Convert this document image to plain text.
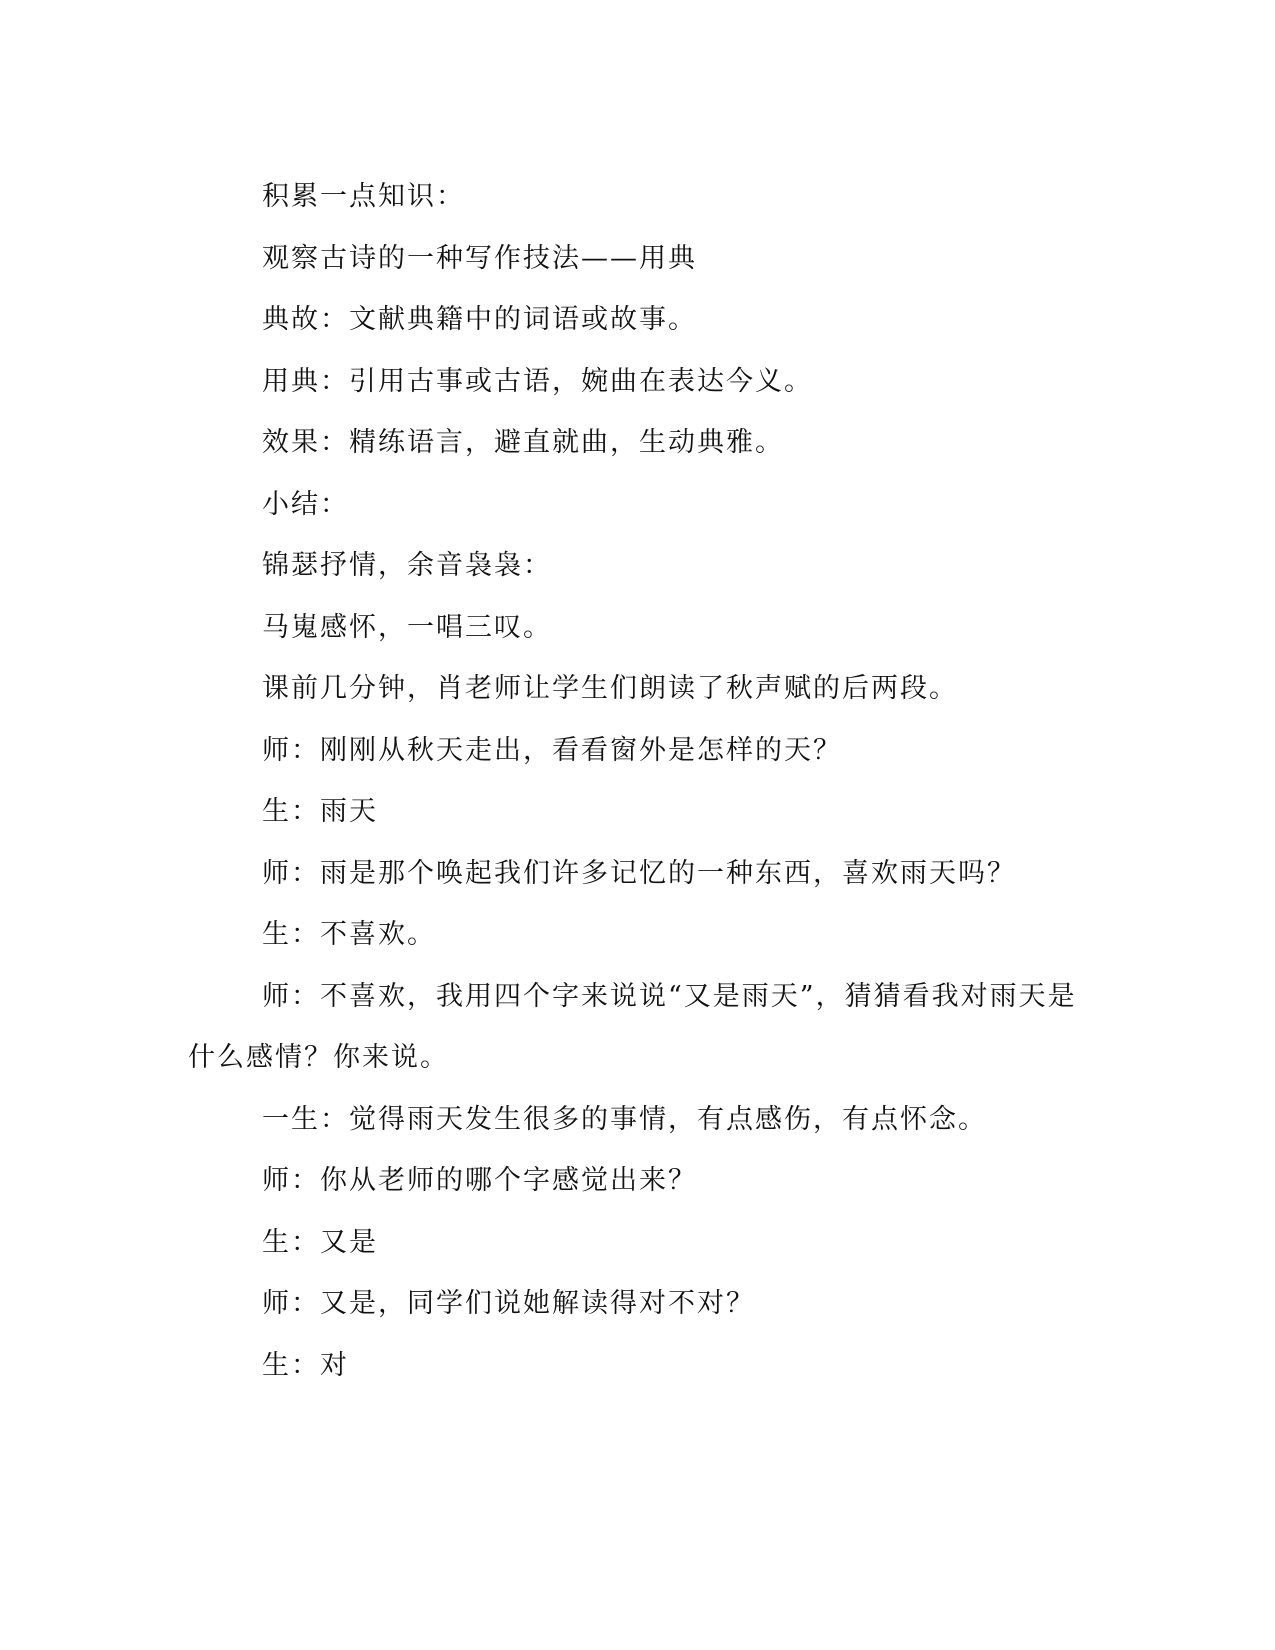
积累一点知识：

观察古诗的一种写作技法——用典

典故：文献典籍中的词语或故事。

用典：引用古事或古语，婉曲在表达今义。

效果：精练语言，避直就曲，生动典雅。

小结：

锦瑟抒情，余音袅袅：

马嵬感怀，一唱三叹。

课前几分钟，肖老师让学生们朗读了秋声赋的后两段。

师：刚刚从秋天走出，看看窗外是怎样的天？

生：雨天

师：雨是那个唤起我们许多记忆的一种东西，喜欢雨天吗？

生：不喜欢。

师：不喜欢，我用四个字来说说“又是雨天”，猜猜看我对雨天是什么感情？你来说。

一生：觉得雨天发生很多的事情，有点感伤，有点怀念。

师：你从老师的哪个字感觉出来？

生：又是

师：又是，同学们说她解读得对不对？

生：对
